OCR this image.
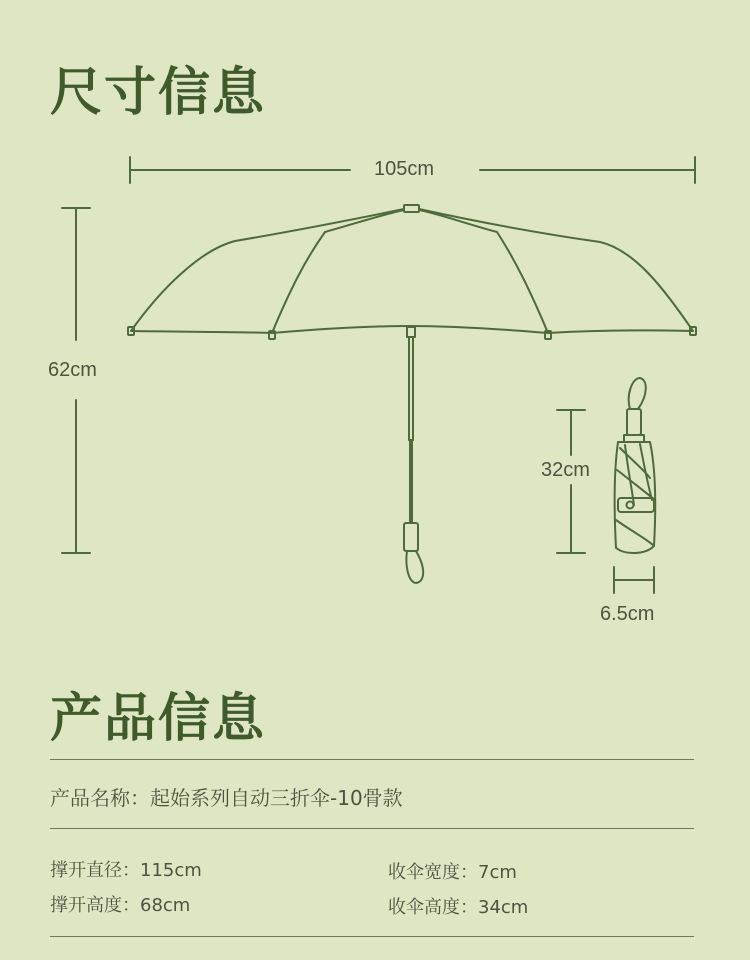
尺寸信息
105cm
62cm
32cm
6.5cm
产品信息
产品名称：起始系列自动三折伞-10骨款
撑开直径：115cm	收伞宽度：7cm
撑开高度：68cm	收伞高度：34cm
